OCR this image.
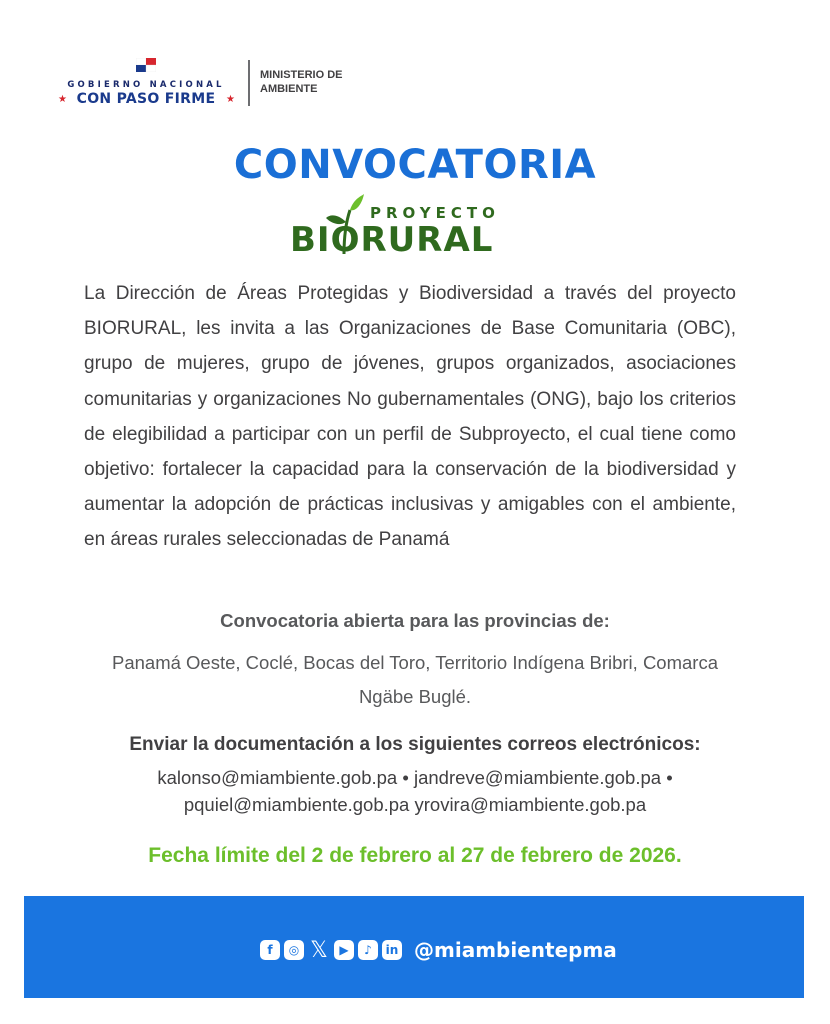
GOBIERNO NACIONAL
★ CON PASO FIRME	★
MINISTERIO DE
AMBIENTE
CONVOCATORIA
PROYECTO
BIORURAL

La Dirección de Áreas Protegidas y Biodiversidad a través del proyecto BIORURAL, les invita a las Organizaciones de Base Comunitaria (OBC), grupo de mujeres, grupo de jóvenes, grupos organizados, asociaciones comunitarias y organizaciones No gubernamentales (ONG), bajo los criterios de elegibilidad a participar con un perfil de Subproyecto, el cual tiene como objetivo: fortalecer la capacidad para la conservación de la biodiversidad y aumentar la adopción de prácticas inclusivas y amigables con el ambiente, en áreas rurales seleccionadas de Panamá

Convocatoria abierta para las provincias de:
Panamá Oeste, Coclé, Bocas del Toro, Territorio Indígena Bribri, Comarca Ngäbe Buglé.
Enviar la documentación a los siguientes correos electrónicos:
kalonso@miambiente.gob.pa • jandreve@miambiente.gob.pa •
pquiel@miambiente.gob.pa yrovira@miambiente.gob.pa
Fecha límite del 2 de febrero al 27 de febrero de 2026.
f	◎ 𝕏 ▶	♪	in @miambientepma
